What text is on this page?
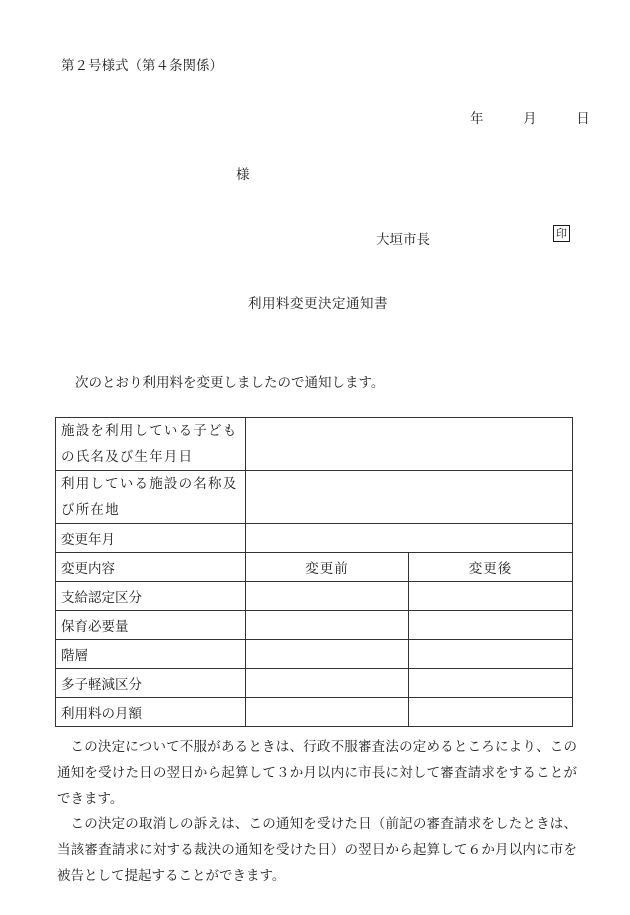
第２号様式（第４条関係）
年	月	日
様
大垣市長	印
利用料変更決定通知書
次のとおり利用料を変更しましたので通知します。
施設を利用している子どもの氏名及び生年月日		
利用している施設の名称及び所在地		
変更年月		
変更内容	変更前	変更後
支給認定区分		
保育必要量		
階層		
多子軽減区分		
利用料の月額		
この決定について不服があるときは、行政不服審査法の定めるところにより、この通知を受けた日の翌日から起算して３か月以内に市長に対して審査請求をすることができます。
この決定の取消しの訴えは、この通知を受けた日（前記の審査請求をしたときは、当該審査請求に対する裁決の通知を受けた日）の翌日から起算して６か月以内に市を被告として提起することができます。
